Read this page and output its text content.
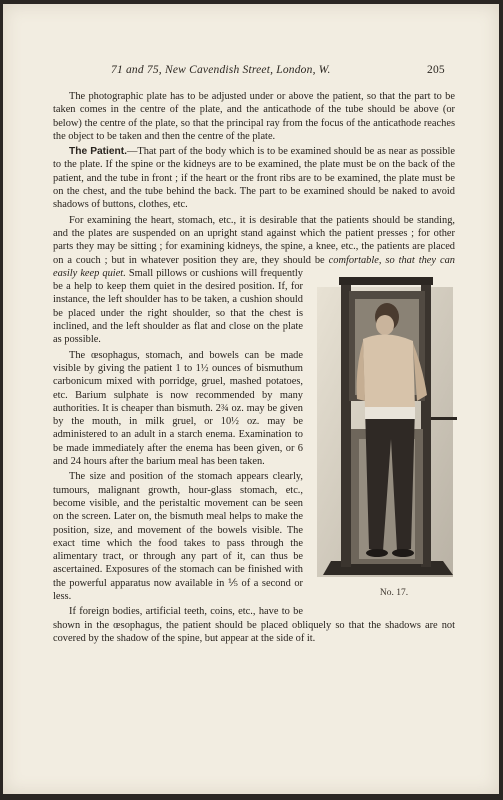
71 and 75, New Cavendish Street, London, W.	205

The photographic plate has to be adjusted under or above the patient, so that the part to be taken comes in the centre of the plate, and the anticathode of the tube should be above (or below) the centre of the plate, so that the principal ray from the focus of the anticathode reaches the object to be taken and then the centre of the plate.

The Patient.—That part of the body which is to be examined should be as near as possible to the plate. If the spine or the kidneys are to be examined, the plate must be on the back of the patient, and the tube in front ; if the heart or the front ribs are to be examined, the plate must be on the chest, and the tube behind the back. The part to be examined should be naked to avoid shadows of buttons, clothes, etc.

For examining the heart, stomach, etc., it is desirable that the patients should be standing, and the plates are suspended on an upright stand against which the patient presses ; for other parts they may be sitting ; for examining kidneys, the spine, a knee, etc., the patients are placed on a couch ; but in whatever position they are, they should be
No. 17.
comfortable, so that they can easily keep quiet. Small pillows or cushions will frequently be a help to keep them quiet in the desired position. If, for instance, the left shoulder has to be taken, a cushion should be placed under the right shoulder, so that the chest is inclined, and the left shoulder as flat and close on the plate as possible.

The œsophagus, stomach, and bowels can be made visible by giving the patient 1 to 1½ ounces of bismuthum carbonicum mixed with porridge, gruel, mashed potatoes, etc. Barium sulphate is now recommended by many authorities. It is cheaper than bismuth. 2¾ oz. may be given by the mouth, in milk gruel, or 10½ oz. may be administered to an adult in a starch enema. Examination to be made immediately after the enema has been given, or 6 and 24 hours after the barium meal has been taken.

The size and position of the stomach appears clearly, tumours, malignant growth, hour-glass stomach, etc., become visible, and the peristaltic movement can be seen on the screen. Later on, the bismuth meal helps to make the position, size, and movement of the bowels visible. The exact time which the food takes to pass through the alimentary tract, or through any part of it, can thus be ascertained. Exposures of the stomach can be finished with the powerful apparatus now available in ⅕ of a second or less.

If foreign bodies, artificial teeth, coins, etc., have to be shown in the œsophagus, the patient should be placed obliquely so that the shadows are not covered by the shadow of the spine, but appear at the side of it.
